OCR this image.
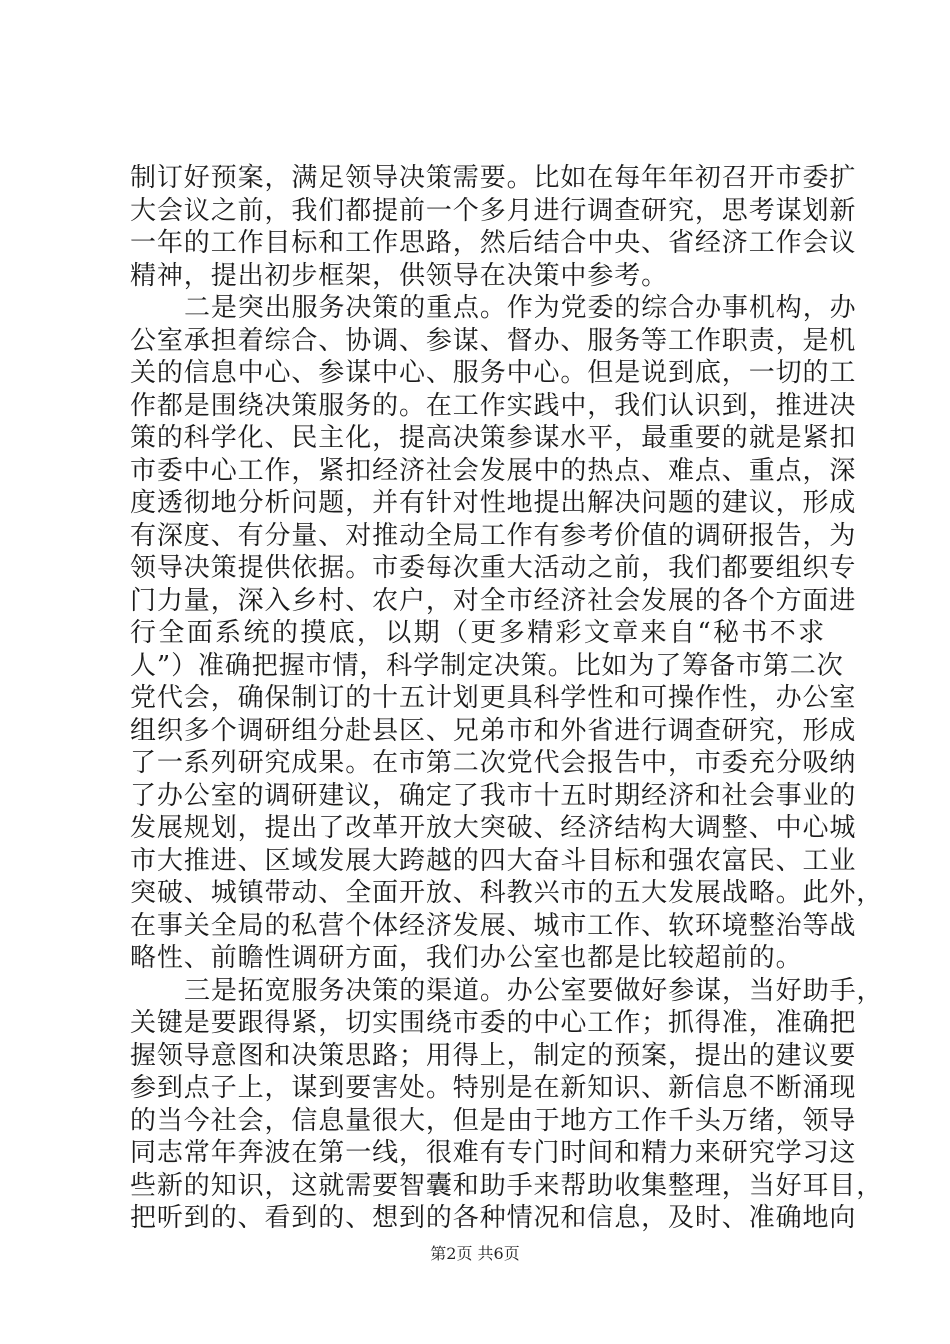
制订好预案，满足领导决策需要。比如在每年年初召开市委扩
大会议之前，我们都提前一个多月进行调查研究，思考谋划新
一年的工作目标和工作思路，然后结合中央、省经济工作会议
精神，提出初步框架，供领导在决策中参考。
二是突出服务决策的重点。作为党委的综合办事机构，办
公室承担着综合、协调、参谋、督办、服务等工作职责，是机
关的信息中心、参谋中心、服务中心。但是说到底，一切的工
作都是围绕决策服务的。在工作实践中，我们认识到，推进决
策的科学化、民主化，提高决策参谋水平，最重要的就是紧扣
市委中心工作，紧扣经济社会发展中的热点、难点、重点，深
度透彻地分析问题，并有针对性地提出解决问题的建议，形成
有深度、有分量、对推动全局工作有参考价值的调研报告，为
领导决策提供依据。市委每次重大活动之前，我们都要组织专
门力量，深入乡村、农户，对全市经济社会发展的各个方面进
行全面系统的摸底，以期（更多精彩文章来自“秘书不求
人”）准确把握市情，科学制定决策。比如为了筹备市第二次
党代会，确保制订的十五计划更具科学性和可操作性，办公室
组织多个调研组分赴县区、兄弟市和外省进行调查研究，形成
了一系列研究成果。在市第二次党代会报告中，市委充分吸纳
了办公室的调研建议，确定了我市十五时期经济和社会事业的
发展规划，提出了改革开放大突破、经济结构大调整、中心城
市大推进、区域发展大跨越的四大奋斗目标和强农富民、工业
突破、城镇带动、全面开放、科教兴市的五大发展战略。此外，
在事关全局的私营个体经济发展、城市工作、软环境整治等战
略性、前瞻性调研方面，我们办公室也都是比较超前的。
三是拓宽服务决策的渠道。办公室要做好参谋，当好助手，
关键是要跟得紧，切实围绕市委的中心工作；抓得准，准确把
握领导意图和决策思路；用得上，制定的预案，提出的建议要
参到点子上，谋到要害处。特别是在新知识、新信息不断涌现
的当今社会，信息量很大，但是由于地方工作千头万绪，领导
同志常年奔波在第一线，很难有专门时间和精力来研究学习这
些新的知识，这就需要智囊和助手来帮助收集整理，当好耳目，
把听到的、看到的、想到的各种情况和信息，及时、准确地向
第2页 共6页
